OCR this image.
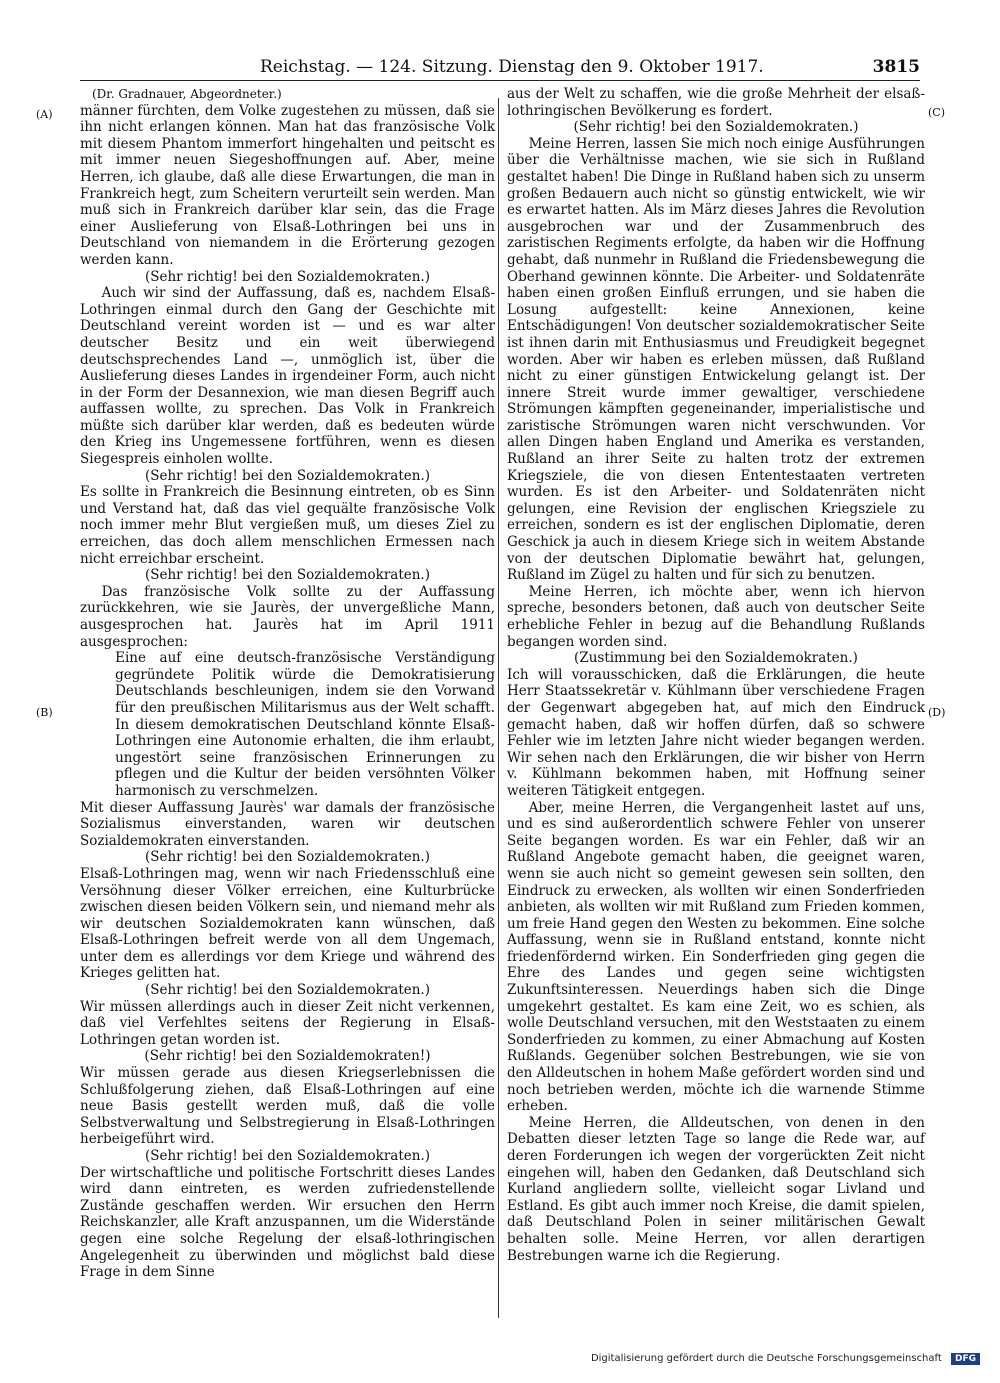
Reichstag. — 124. Sitzung. Dienstag den 9. Oktober 1917.	3815
(A)
(B)
(C)
(D)

(Dr. Gradnauer, Abgeordneter.)

männer fürchten, dem Volke zugestehen zu müssen, daß sie ihn nicht erlangen können. Man hat das französische Volk mit diesem Phantom immerfort hingehalten und peitscht es mit immer neuen Siegeshoffnungen auf. Aber, meine Herren, ich glaube, daß alle diese Erwartungen, die man in Frankreich hegt, zum Scheitern verurteilt sein werden. Man muß sich in Frankreich darüber klar sein, das die Frage einer Auslieferung von Elsaß-Lothringen bei uns in Deutschland von niemandem in die Erörterung gezogen werden kann.

(Sehr richtig! bei den Sozialdemokraten.)

Auch wir sind der Auffassung, daß es, nachdem Elsaß-Lothringen einmal durch den Gang der Geschichte mit Deutschland vereint worden ist — und es war alter deutscher Besitz und ein weit überwiegend deutschsprechendes Land —, unmöglich ist, über die Auslieferung dieses Landes in irgendeiner Form, auch nicht in der Form der Desannexion, wie man diesen Begriff auch auffassen wollte, zu sprechen. Das Volk in Frankreich müßte sich darüber klar werden, daß es bedeuten würde den Krieg ins Ungemessene fortführen, wenn es diesen Siegespreis einholen wollte.

(Sehr richtig! bei den Sozialdemokraten.)

Es sollte in Frankreich die Besinnung eintreten, ob es Sinn und Verstand hat, daß das viel gequälte französische Volk noch immer mehr Blut vergießen muß, um dieses Ziel zu erreichen, das doch allem menschlichen Ermessen nach nicht erreichbar erscheint.

(Sehr richtig! bei den Sozialdemokraten.)

Das französische Volk sollte zu der Auffassung zurückkehren, wie sie Jaurès, der unvergeßliche Mann, ausgesprochen hat. Jaurès hat im April 1911 ausgesprochen:

Eine auf eine deutsch-französische Verständigung gegründete Politik würde die Demokratisierung Deutschlands beschleunigen, indem sie den Vorwand für den preußischen Militarismus aus der Welt schafft. In diesem demokratischen Deutschland könnte Elsaß-Lothringen eine Autonomie erhalten, die ihm erlaubt, ungestört seine französischen Erinnerungen zu pflegen und die Kultur der beiden versöhnten Völker harmonisch zu verschmelzen.

Mit dieser Auffassung Jaurès' war damals der französische Sozialismus einverstanden, waren wir deutschen Sozialdemokraten einverstanden.

(Sehr richtig! bei den Sozialdemokraten.)

Elsaß-Lothringen mag, wenn wir nach Friedensschluß eine Versöhnung dieser Völker erreichen, eine Kulturbrücke zwischen diesen beiden Völkern sein, und niemand mehr als wir deutschen Sozialdemokraten kann wünschen, daß Elsaß-Lothringen befreit werde von all dem Ungemach, unter dem es allerdings vor dem Kriege und während des Krieges gelitten hat.

(Sehr richtig! bei den Sozialdemokraten.)

Wir müssen allerdings auch in dieser Zeit nicht verkennen, daß viel Verfehltes seitens der Regierung in Elsaß-Lothringen getan worden ist.

(Sehr richtig! bei den Sozialdemokraten!)

Wir müssen gerade aus diesen Kriegserlebnissen die Schlußfolgerung ziehen, daß Elsaß-Lothringen auf eine neue Basis gestellt werden muß, daß die volle Selbstverwaltung und Selbstregierung in Elsaß-Lothringen herbeigeführt wird.

(Sehr richtig! bei den Sozialdemokraten.)

Der wirtschaftliche und politische Fortschritt dieses Landes wird dann eintreten, es werden zufriedenstellende Zustände geschaffen werden. Wir ersuchen den Herrn Reichskanzler, alle Kraft anzuspannen, um die Widerstände gegen eine solche Regelung der elsaß-lothringischen Angelegenheit zu überwinden und möglichst bald diese Frage in dem Sinne

aus der Welt zu schaffen, wie die große Mehrheit der elsaß-lothringischen Bevölkerung es fordert.

(Sehr richtig! bei den Sozialdemokraten.)

Meine Herren, lassen Sie mich noch einige Ausführungen über die Verhältnisse machen, wie sie sich in Rußland gestaltet haben! Die Dinge in Rußland haben sich zu unserm großen Bedauern auch nicht so günstig entwickelt, wie wir es erwartet hatten. Als im März dieses Jahres die Revolution ausgebrochen war und der Zusammenbruch des zaristischen Regiments erfolgte, da haben wir die Hoffnung gehabt, daß nunmehr in Rußland die Friedensbewegung die Oberhand gewinnen könnte. Die Arbeiter- und Soldatenräte haben einen großen Einfluß errungen, und sie haben die Losung aufgestellt: keine Annexionen, keine Entschädigungen! Von deutscher sozialdemokratischer Seite ist ihnen darin mit Enthusiasmus und Freudigkeit begegnet worden. Aber wir haben es erleben müssen, daß Rußland nicht zu einer günstigen Entwickelung gelangt ist. Der innere Streit wurde immer gewaltiger, verschiedene Strömungen kämpften gegeneinander, imperialistische und zaristische Strömungen waren nicht verschwunden. Vor allen Dingen haben England und Amerika es verstanden, Rußland an ihrer Seite zu halten trotz der extremen Kriegsziele, die von diesen Ententestaaten vertreten wurden. Es ist den Arbeiter- und Soldatenräten nicht gelungen, eine Revision der englischen Kriegsziele zu erreichen, sondern es ist der englischen Diplomatie, deren Geschick ja auch in diesem Kriege sich in weitem Abstande von der deutschen Diplomatie bewährt hat, gelungen, Rußland im Zügel zu halten und für sich zu benutzen.

Meine Herren, ich möchte aber, wenn ich hiervon spreche, besonders betonen, daß auch von deutscher Seite erhebliche Fehler in bezug auf die Behandlung Rußlands begangen worden sind.

(Zustimmung bei den Sozialdemokraten.)

Ich will vorausschicken, daß die Erklärungen, die heute Herr Staatssekretär v. Kühlmann über verschiedene Fragen der Gegenwart abgegeben hat, auf mich den Eindruck gemacht haben, daß wir hoffen dürfen, daß so schwere Fehler wie im letzten Jahre nicht wieder begangen werden. Wir sehen nach den Erklärungen, die wir bisher von Herrn v. Kühlmann bekommen haben, mit Hoffnung seiner weiteren Tätigkeit entgegen.

Aber, meine Herren, die Vergangenheit lastet auf uns, und es sind außerordentlich schwere Fehler von unserer Seite begangen worden. Es war ein Fehler, daß wir an Rußland Angebote gemacht haben, die geeignet waren, wenn sie auch nicht so gemeint gewesen sein sollten, den Eindruck zu erwecken, als wollten wir einen Sonderfrieden anbieten, als wollten wir mit Rußland zum Frieden kommen, um freie Hand gegen den Westen zu bekommen. Eine solche Auffassung, wenn sie in Rußland entstand, konnte nicht friedenfördernd wirken. Ein Sonderfrieden ging gegen die Ehre des Landes und gegen seine wichtigsten Zukunftsinteressen. Neuerdings haben sich die Dinge umgekehrt gestaltet. Es kam eine Zeit, wo es schien, als wolle Deutschland versuchen, mit den Weststaaten zu einem Sonderfrieden zu kommen, zu einer Abmachung auf Kosten Rußlands. Gegenüber solchen Bestrebungen, wie sie von den Alldeutschen in hohem Maße gefördert worden sind und noch betrieben werden, möchte ich die warnende Stimme erheben.

Meine Herren, die Alldeutschen, von denen in den Debatten dieser letzten Tage so lange die Rede war, auf deren Forderungen ich wegen der vorgerückten Zeit nicht eingehen will, haben den Gedanken, daß Deutschland sich Kurland angliedern sollte, vielleicht sogar Livland und Estland. Es gibt auch immer noch Kreise, die damit spielen, daß Deutschland Polen in seiner militärischen Gewalt behalten solle. Meine Herren, vor allen derartigen Bestrebungen warne ich die Regierung.

Digitalisierung gefördert durch die Deutsche Forschungsgemeinschaft DFG
